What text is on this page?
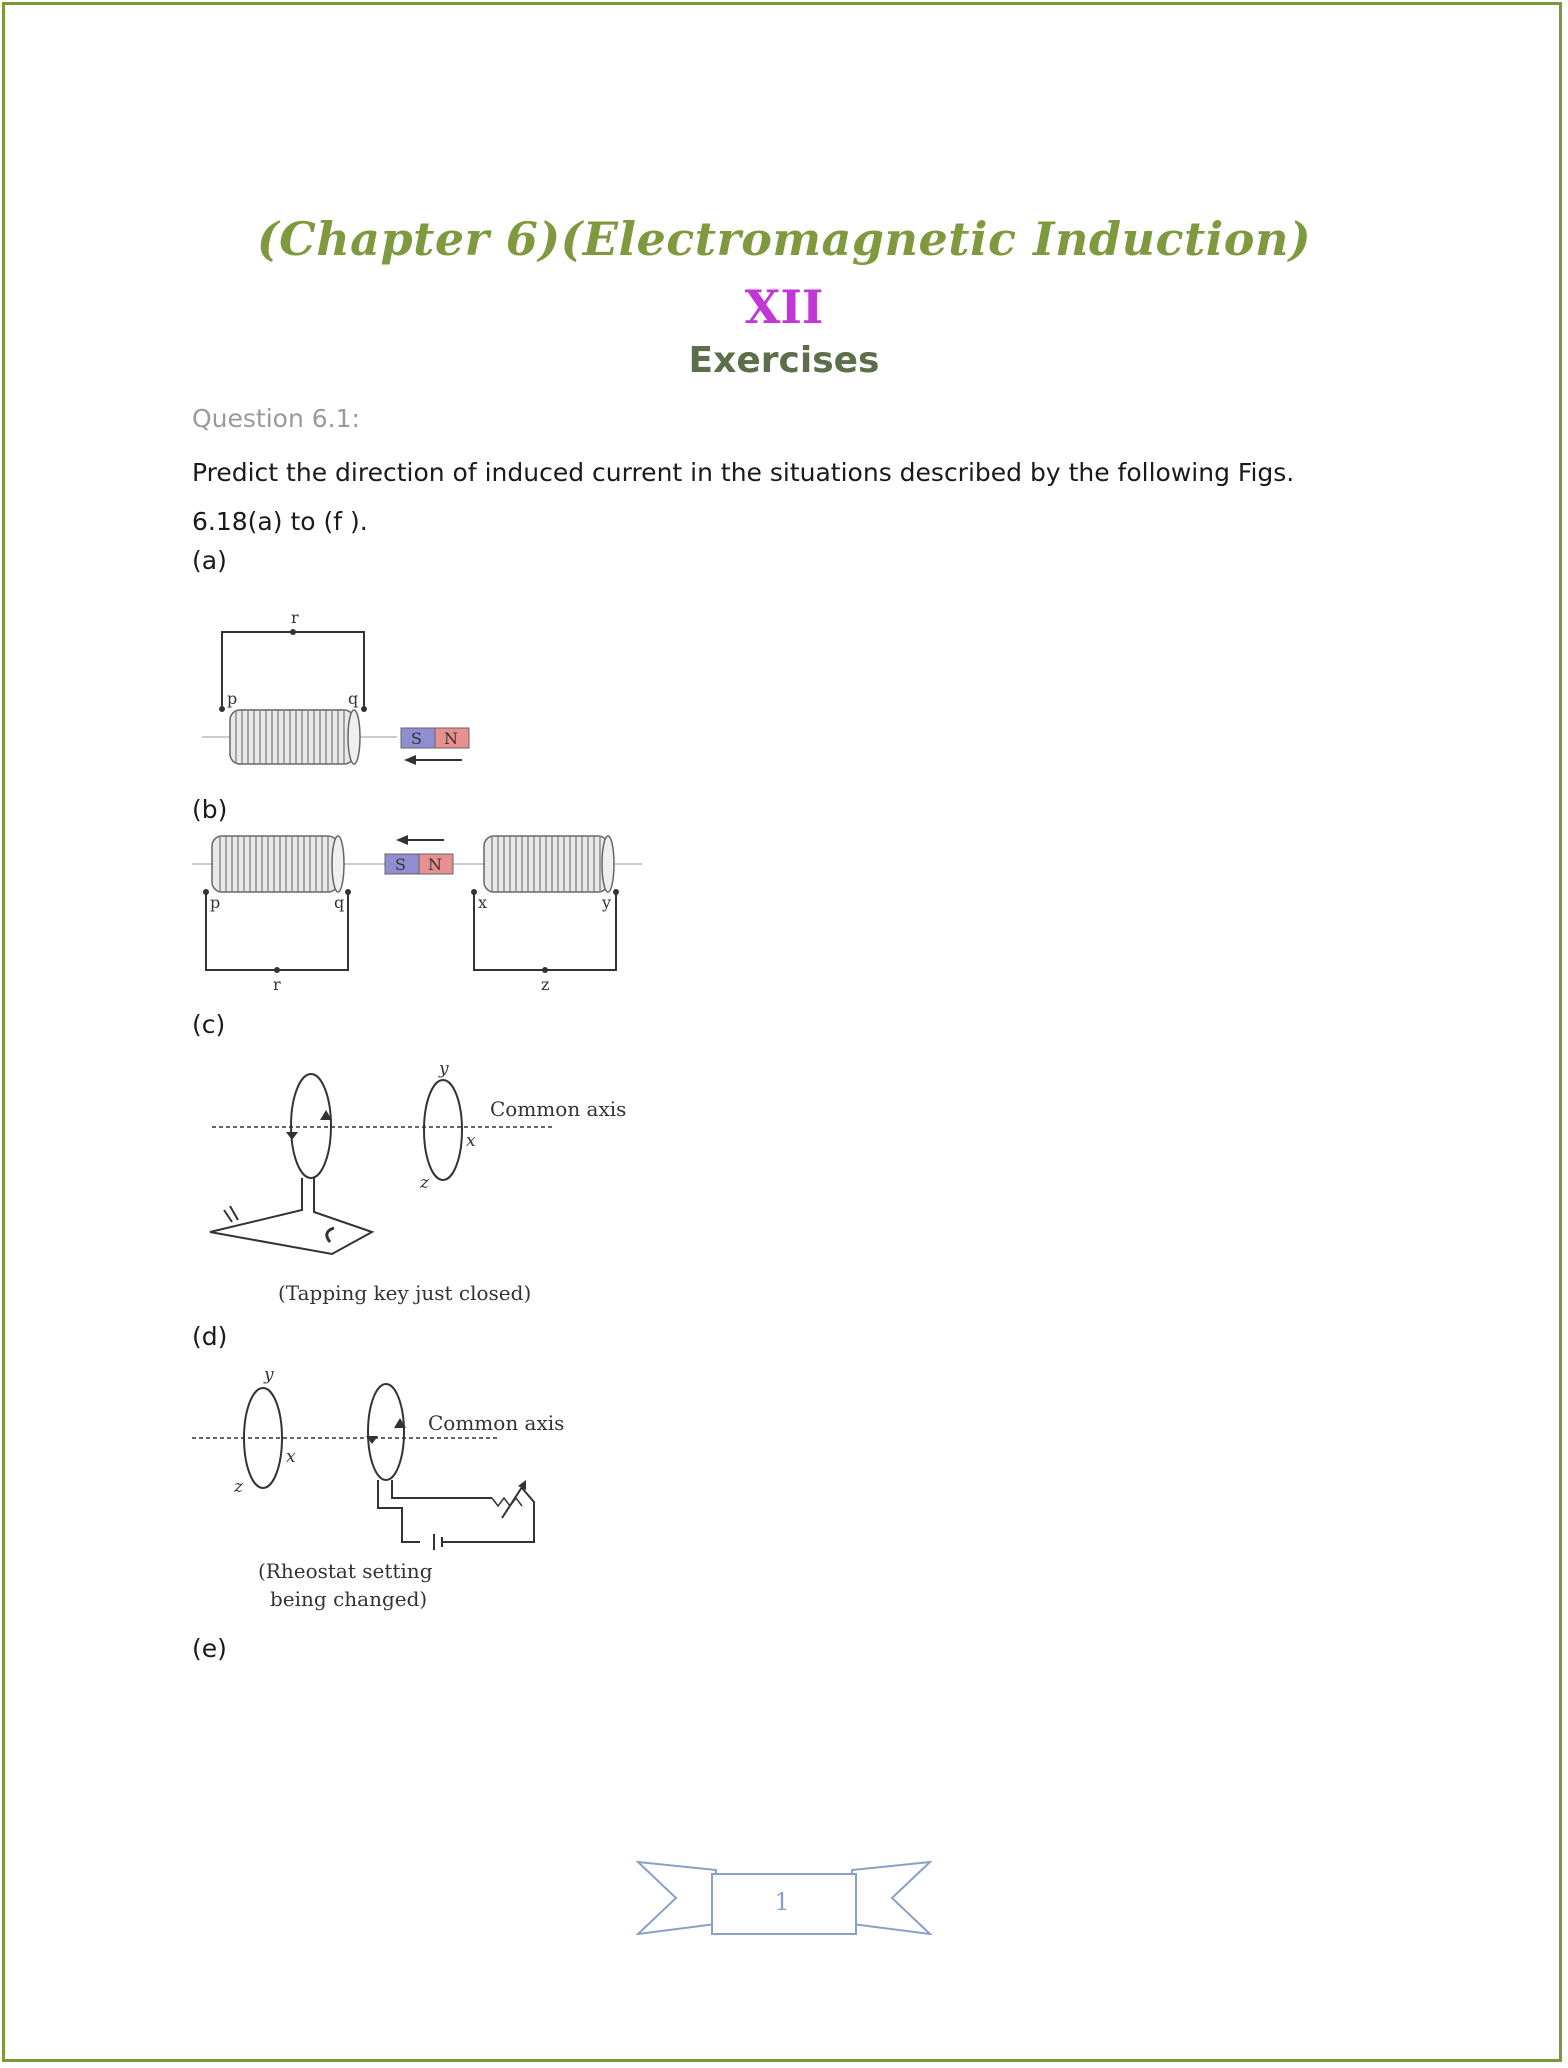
(Chapter 6)(Electromagnetic Induction)
XII
Exercises
Question 6.1:
Predict the direction of induced current in the situations described by the following Figs. 6.18(a) to (f ).
(a)
r
p	q
S N
(b)
p	q
r
S N
x	y
z
(c)
Common axis
y
x
z
(Tapping key just closed)
(d)
Common axis
y
x
z
(Rheostat setting
being changed)
(e)
1
